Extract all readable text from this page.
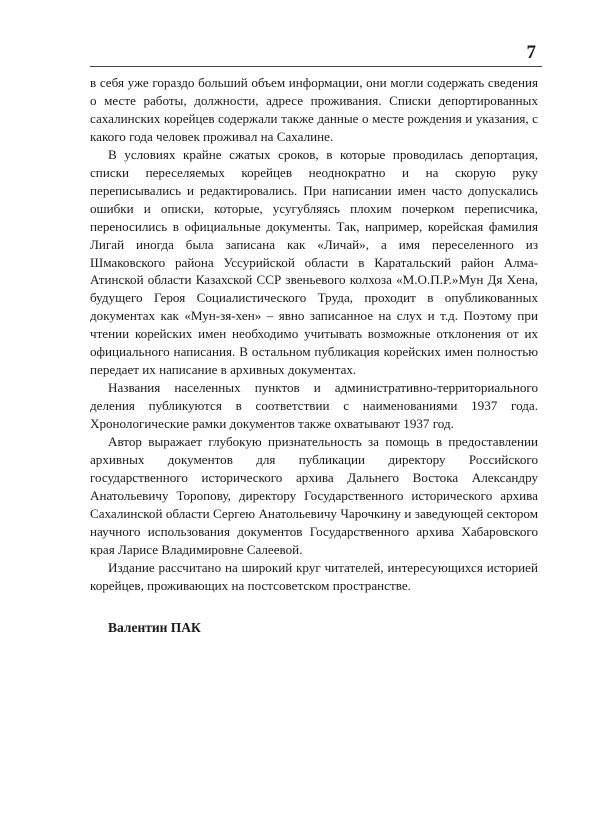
7

в себя уже гораздо больший объем информации, они могли содержать сведения о месте работы, должности, адресе проживания. Списки депортированных сахалинских корейцев содержали также данные о месте рождения и указания, с какого года человек проживал на Сахалине.

В условиях крайне сжатых сроков, в которые проводилась депортация, списки переселяемых корейцев неоднократно и на скорую руку переписывались и редактировались. При написании имен часто допускались ошибки и описки, которые, усугубляясь плохим почерком переписчика, переносились в официальные документы. Так, например, корейская фамилия Лигай иногда была записана как «Личай», а имя переселенного из Шмаковского района Уссурийской области в Каратальский район Алма-Атинской области Казахской ССР звеньевого колхоза «М.О.П.Р.»Мун Дя Хена, будущего Героя Социалистического Труда, проходит в опубликованных документах как «Мун-зя-хен» – явно записанное на слух и т.д. Поэтому при чтении корейских имен необходимо учитывать возможные отклонения от их официального написания. В остальном публикация корейских имен полностью передает их написание в архивных документах.

Названия населенных пунктов и административно-территориального деления публикуются в соответствии с наименованиями 1937 года. Хронологические рамки документов также охватывают 1937 год.

Автор выражает глубокую признательность за помощь в предоставлении архивных документов для публикации директору Российского государственного исторического архива Дальнего Востока Александру Анатольевичу Торопову, директору Государственного исторического архива Сахалинской области Сергею Анатольевичу Чарочкину и заведующей сектором научного использования документов Государственного архива Хабаровского края Ларисе Владимировне Салеевой.

Издание рассчитано на широкий круг читателей, интересующихся историей корейцев, проживающих на постсоветском пространстве.

Валентин ПАК
